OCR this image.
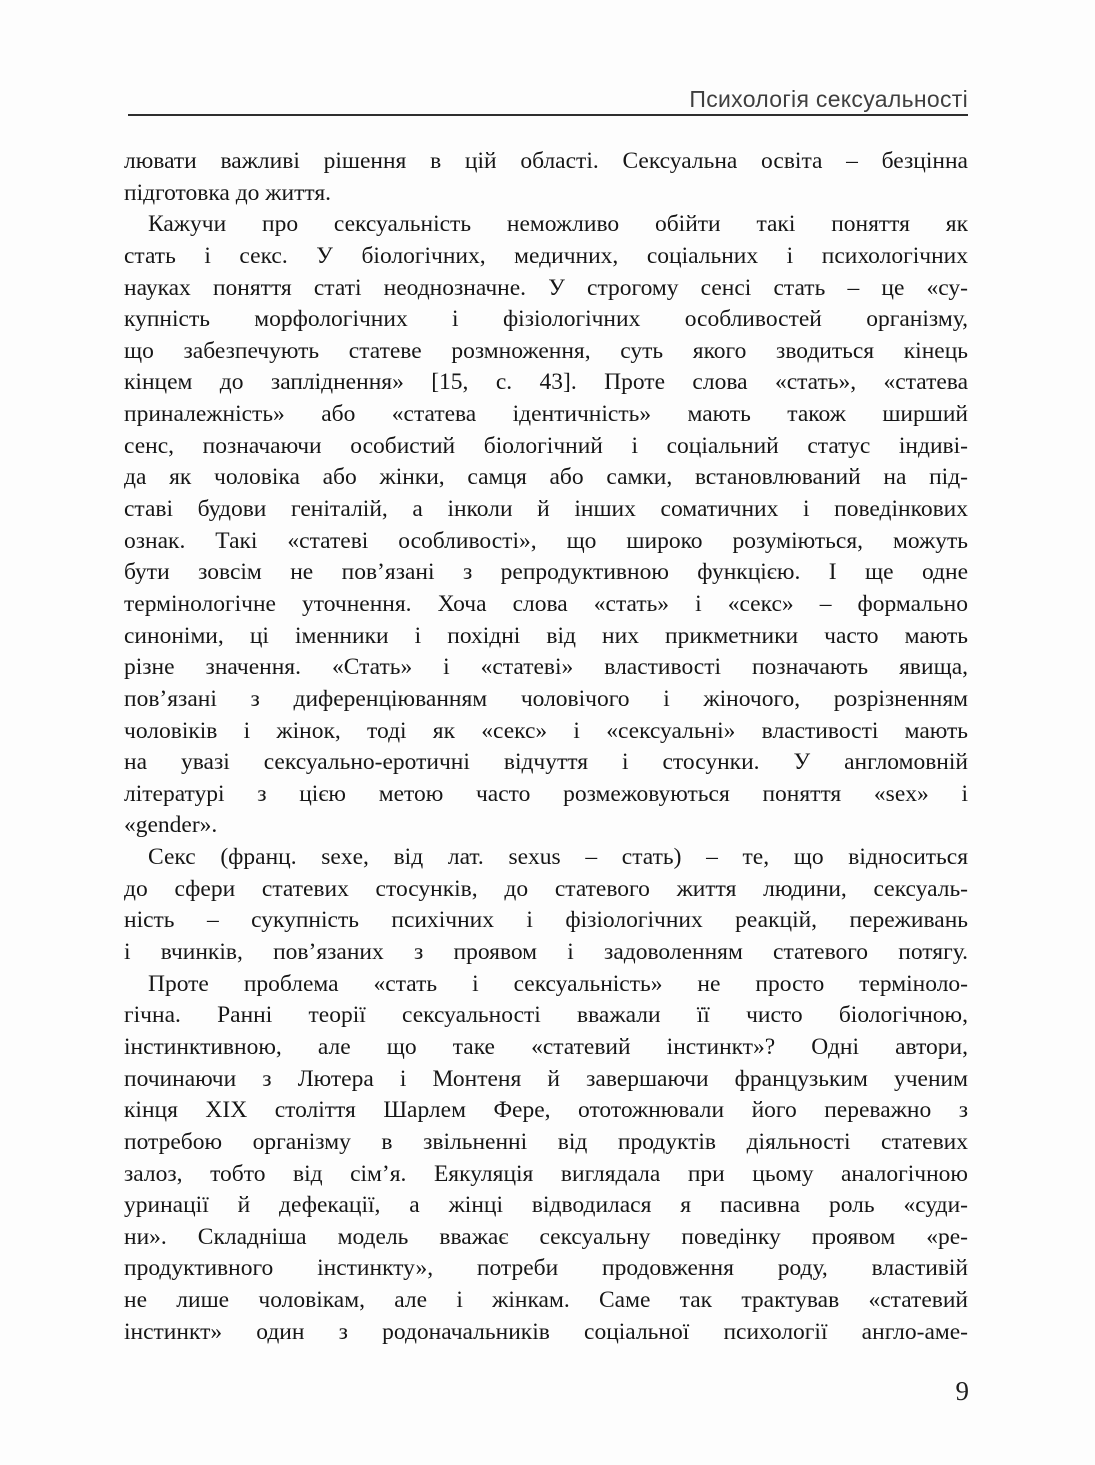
Психологія сексуальності
лювати важливі рішення в цій області. Сексуальна освіта – безцінна
підготовка до життя.
Кажучи про сексуальність неможливо обійти такі поняття як
стать і секс. У біологічних, медичних, соціальних і психологічних
науках поняття статі неоднозначне. У строгому сенсі стать – це «су-
купність морфологічних і фізіологічних особливостей організму,
що забезпечують статеве розмноження, суть якого зводиться кінець
кінцем до запліднення» [15, с. 43]. Проте слова «стать», «статева
приналежність» або «статева ідентичність» мають також ширший
сенс, позначаючи особистий біологічний і соціальний статус індиві-
да як чоловіка або жінки, самця або самки, встановлюваний на під-
ставі будови геніталій, а інколи й інших соматичних і поведінкових
ознак. Такі «статеві особливості», що широко розуміються, можуть
бути зовсім не пов’язані з репродуктивною функцією. І ще одне
термінологічне уточнення. Хоча слова «стать» і «секс» – формально
синоніми, ці іменники і похідні від них прикметники часто мають
різне значення. «Стать» і «статеві» властивості позначають явища,
пов’язані з диференціюванням чоловічого і жіночого, розрізненням
чоловіків і жінок, тоді як «секс» і «сексуальні» властивості мають
на увазі сексуально-еротичні відчуття і стосунки. У англомовній
літературі з цією метою часто розмежовуються поняття «sex» і
«gender».
Секс (франц. sexe, від лат. sexus – стать) – те, що відноситься
до сфери статевих стосунків, до статевого життя людини, сексуаль-
ність – сукупність психічних і фізіологічних реакцій, переживань
і вчинків, пов’язаних з проявом і задоволенням статевого потягу.
Проте проблема «стать і сексуальність» не просто терміноло-
гічна. Ранні теорії сексуальності вважали її чисто біологічною,
інстинктивною, але що таке «статевий інстинкт»? Одні автори,
починаючи з Лютера і Монтеня й завершаючи французьким ученим
кінця XIX століття Шарлем Фере, ототожнювали його переважно з
потребою організму в звільненні від продуктів діяльності статевих
залоз, тобто від сім’я. Еякуляція виглядала при цьому аналогічною
уринації й дефекації, а жінці відводилася я пасивна роль «суди-
ни». Складніша модель вважає сексуальну поведінку проявом «ре-
продуктивного інстинкту», потреби продовження роду, властивій
не лише чоловікам, але і жінкам. Саме так трактував «статевий
інстинкт» один з родоначальників соціальної психології англо-аме-
9
